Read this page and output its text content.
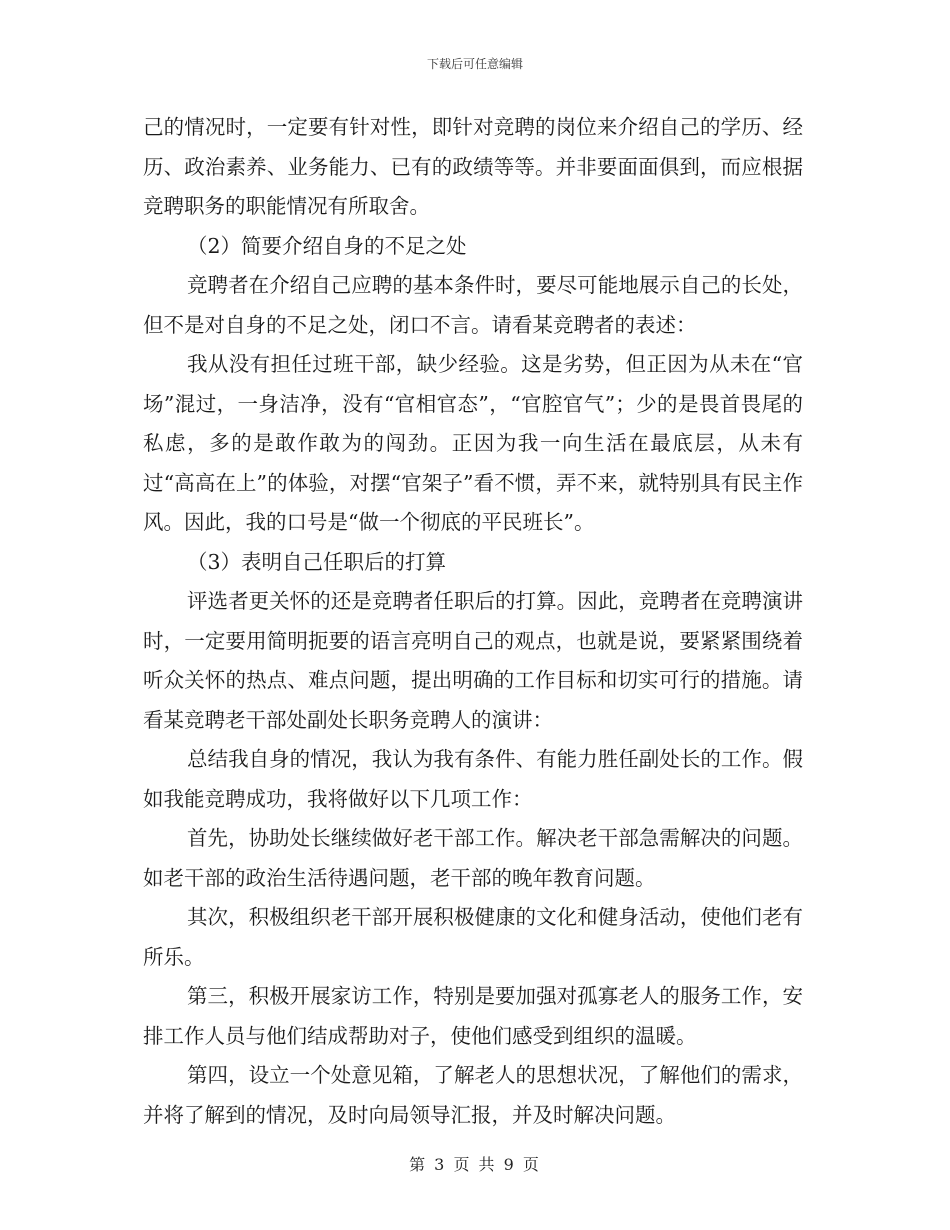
下载后可任意编辑

己的情况时，一定要有针对性，即针对竞聘的岗位来介绍自己的学历、经历、政治素养、业务能力、已有的政绩等等。并非要面面俱到，而应根据竞聘职务的职能情况有所取舍。

（2）简要介绍自身的不足之处

竞聘者在介绍自己应聘的基本条件时，要尽可能地展示自己的长处，但不是对自身的不足之处，闭口不言。请看某竞聘者的表述：

我从没有担任过班干部，缺少经验。这是劣势，但正因为从未在“官场”混过，一身洁净，没有“官相官态”，“官腔官气”；少的是畏首畏尾的私虑，多的是敢作敢为的闯劲。正因为我一向生活在最底层，从未有过“高高在上”的体验，对摆“官架子”看不惯，弄不来，就特别具有民主作风。因此，我的口号是“做一个彻底的平民班长”。

（3）表明自己任职后的打算

评选者更关怀的还是竞聘者任职后的打算。因此，竞聘者在竞聘演讲时，一定要用简明扼要的语言亮明自己的观点，也就是说，要紧紧围绕着听众关怀的热点、难点问题，提出明确的工作目标和切实可行的措施。请看某竞聘老干部处副处长职务竞聘人的演讲：

总结我自身的情况，我认为我有条件、有能力胜任副处长的工作。假如我能竞聘成功，我将做好以下几项工作：

首先，协助处长继续做好老干部工作。解决老干部急需解决的问题。如老干部的政治生活待遇问题，老干部的晚年教育问题。

其次，积极组织老干部开展积极健康的文化和健身活动，使他们老有所乐。

第三，积极开展家访工作，特别是要加强对孤寡老人的服务工作，安排工作人员与他们结成帮助对子，使他们感受到组织的温暖。

第四，设立一个处意见箱，了解老人的思想状况，了解他们的需求，并将了解到的情况，及时向局领导汇报，并及时解决问题。

第 3 页 共 9 页
